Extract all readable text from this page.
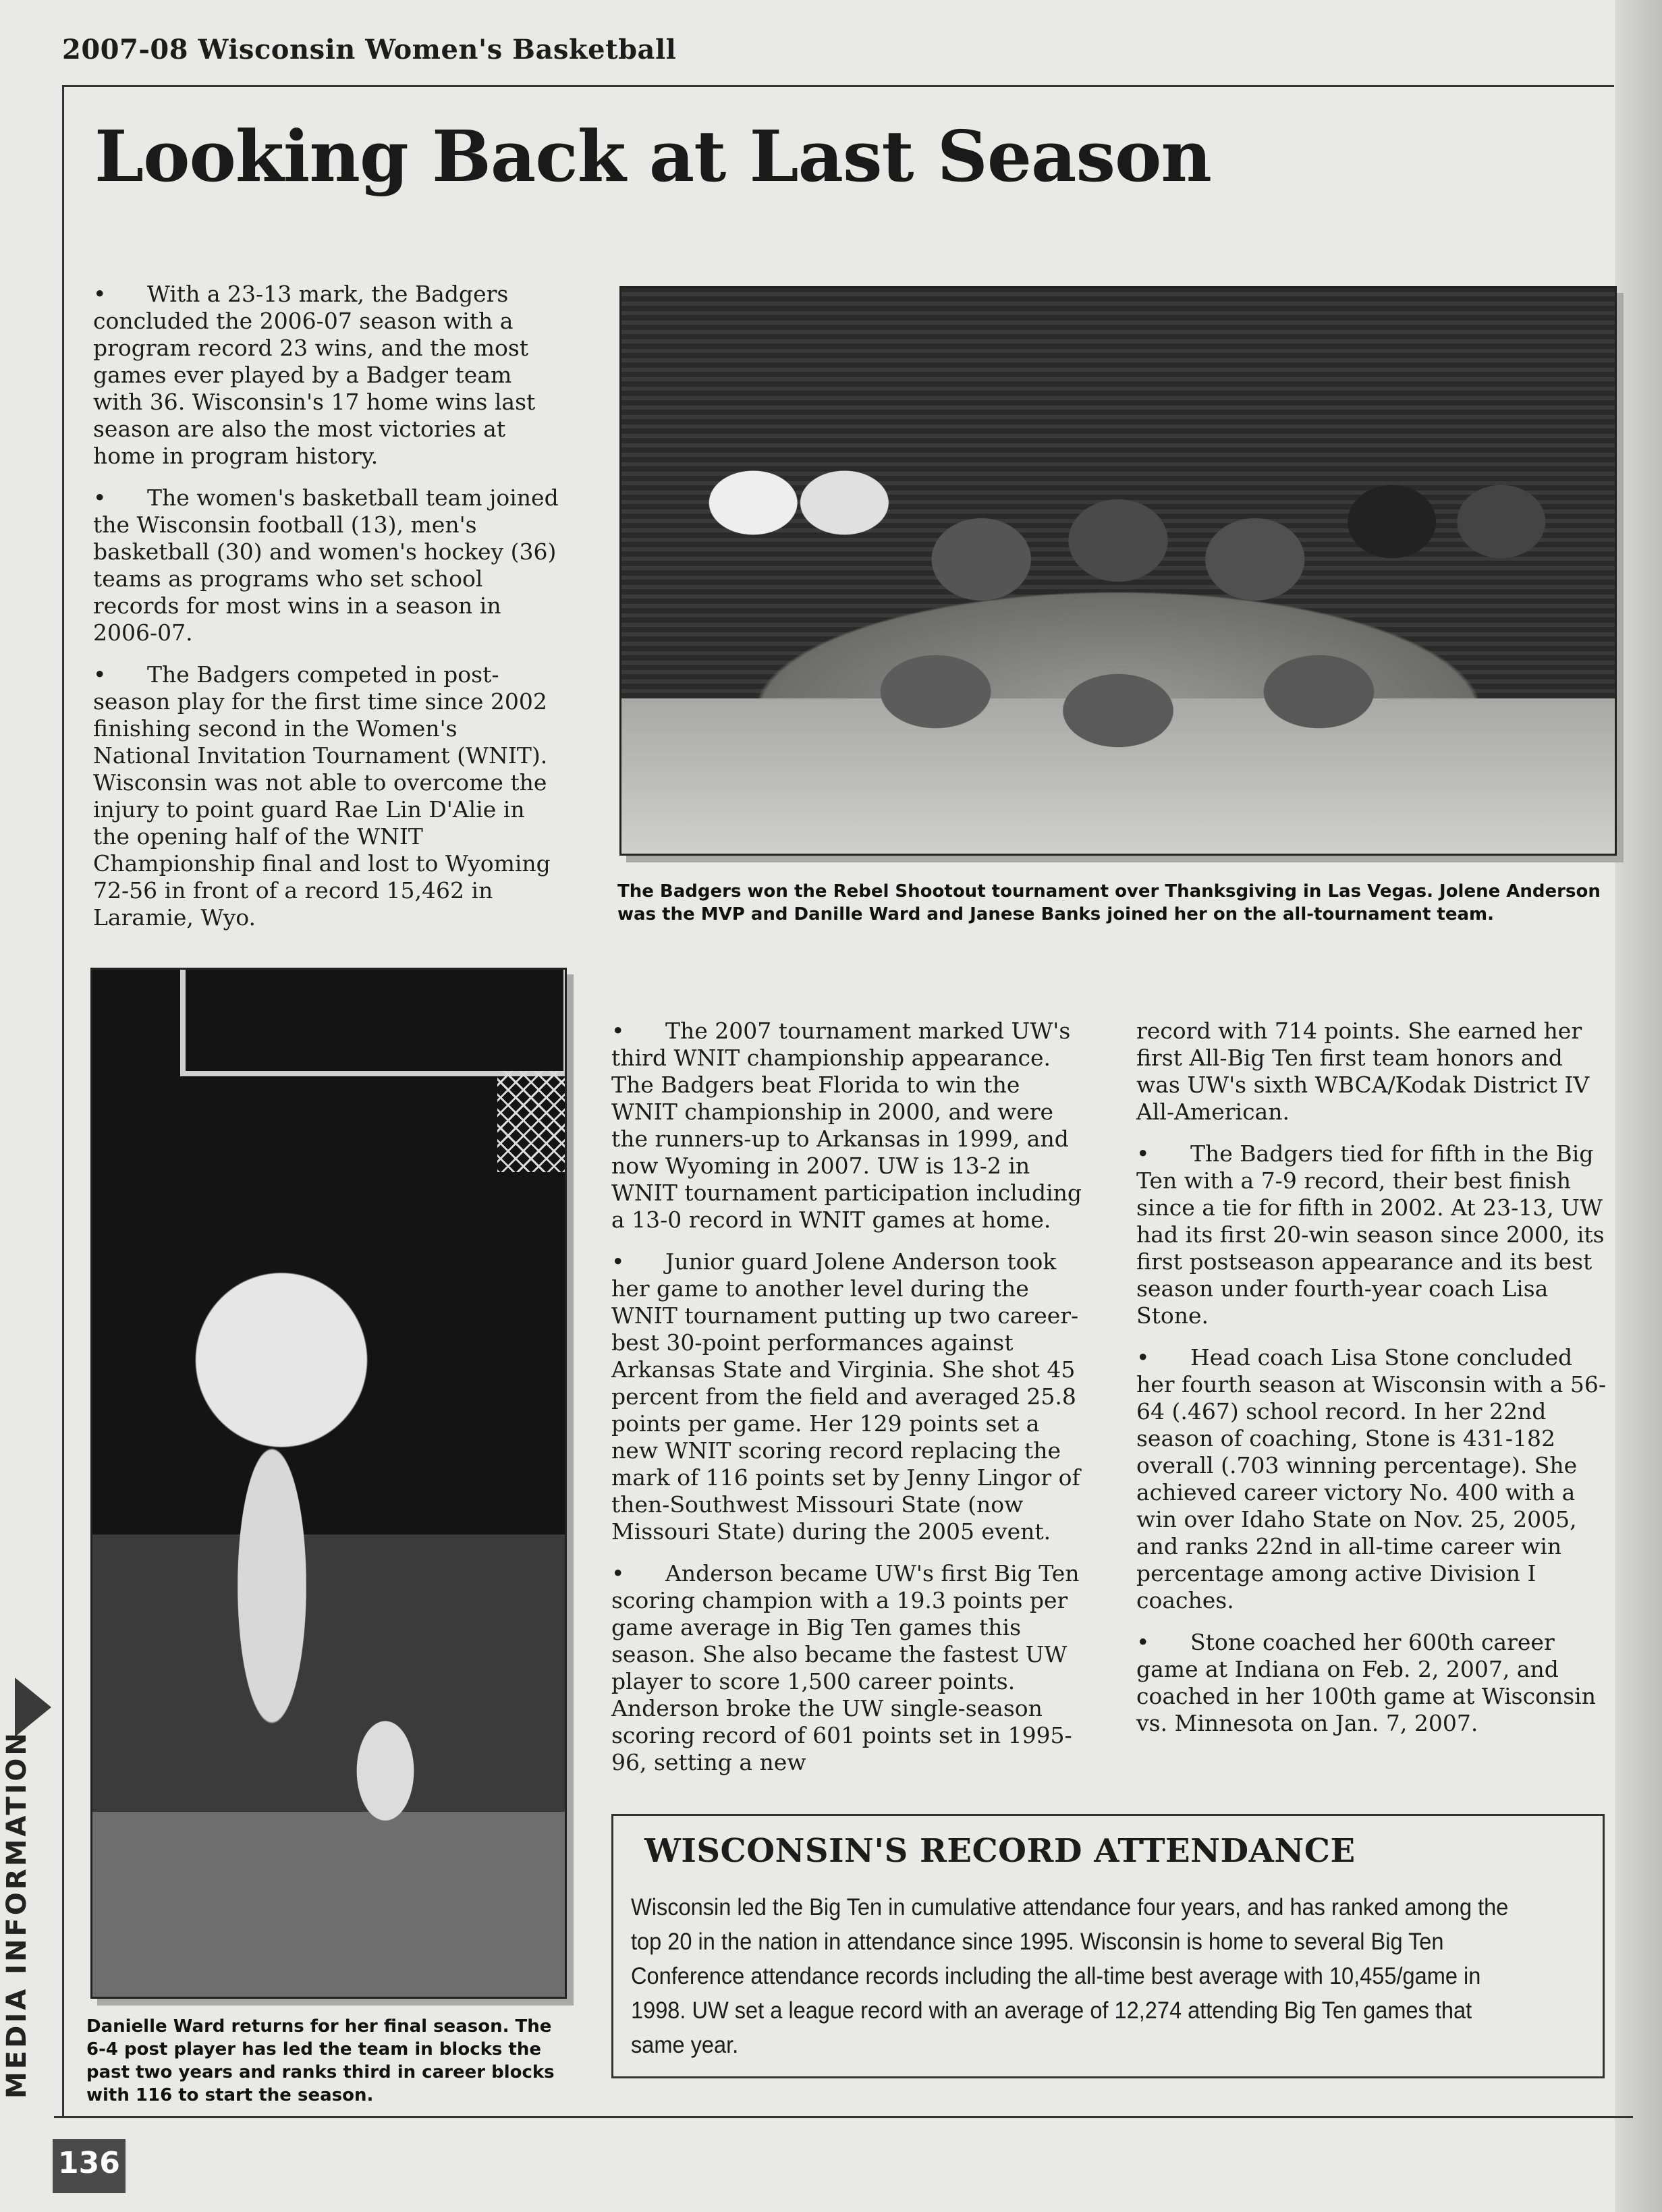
2007-08 Wisconsin Women's Basketball
Looking Back at Last Season

• With a 23-13 mark, the Badgers concluded the 2006-07 season with a program record 23 wins, and the most games ever played by a Badger team with 36. Wisconsin's 17 home wins last season are also the most victories at home in program history.

• The women's basketball team joined the Wisconsin football (13), men's basketball (30) and women's hockey (36) teams as programs who set school records for most wins in a season in 2006-07.

• The Badgers competed in post-season play for the first time since 2002 finishing second in the Women's National Invitation Tournament (WNIT). Wisconsin was not able to overcome the injury to point guard Rae Lin D'Alie in the opening half of the WNIT Championship final and lost to Wyoming 72-56 in front of a record 15,462 in Laramie, Wyo.

The Badgers won the Rebel Shootout tournament over Thanksgiving in Las Vegas. Jolene Anderson was the MVP and Danille Ward and Janese Banks joined her on the all-tournament team.
Danielle Ward returns for her final season. The 6-4 post player has led the team in blocks the past two years and ranks third in career blocks with 116 to start the season.

• The 2007 tournament marked UW's third WNIT championship appearance. The Badgers beat Florida to win the WNIT championship in 2000, and were the runners-up to Arkansas in 1999, and now Wyoming in 2007. UW is 13-2 in WNIT tournament participation including a 13-0 record in WNIT games at home.

• Junior guard Jolene Anderson took her game to another level during the WNIT tournament putting up two career-best 30-point performances against Arkansas State and Virginia. She shot 45 percent from the field and averaged 25.8 points per game. Her 129 points set a new WNIT scoring record replacing the mark of 116 points set by Jenny Lingor of then-Southwest Missouri State (now Missouri State) during the 2005 event.

• Anderson became UW's first Big Ten scoring champion with a 19.3 points per game average in Big Ten games this season. She also became the fastest UW player to score 1,500 career points. Anderson broke the UW single-season scoring record of 601 points set in 1995-96, setting a new

record with 714 points. She earned her first All-Big Ten first team honors and was UW's sixth WBCA/Kodak District IV All-American.

• The Badgers tied for fifth in the Big Ten with a 7-9 record, their best finish since a tie for fifth in 2002. At 23-13, UW had its first 20-win season since 2000, its first postseason appearance and its best season under fourth-year coach Lisa Stone.

• Head coach Lisa Stone concluded her fourth season at Wisconsin with a 56-64 (.467) school record. In her 22nd season of coaching, Stone is 431-182 overall (.703 winning percentage). She achieved career victory No. 400 with a win over Idaho State on Nov. 25, 2005, and ranks 22nd in all-time career win percentage among active Division I coaches.

• Stone coached her 600th career game at Indiana on Feb. 2, 2007, and coached in her 100th game at Wisconsin vs. Minnesota on Jan. 7, 2007.

WISCONSIN'S RECORD ATTENDANCE
Wisconsin led the Big Ten in cumulative attendance four years, and has ranked among the top 20 in the nation in attendance since 1995. Wisconsin is home to several Big Ten Conference attendance records including the all-time best average with 10,455/game in 1998. UW set a league record with an average of 12,274 attending Big Ten games that same year.
MEDIA INFORMATION
136
